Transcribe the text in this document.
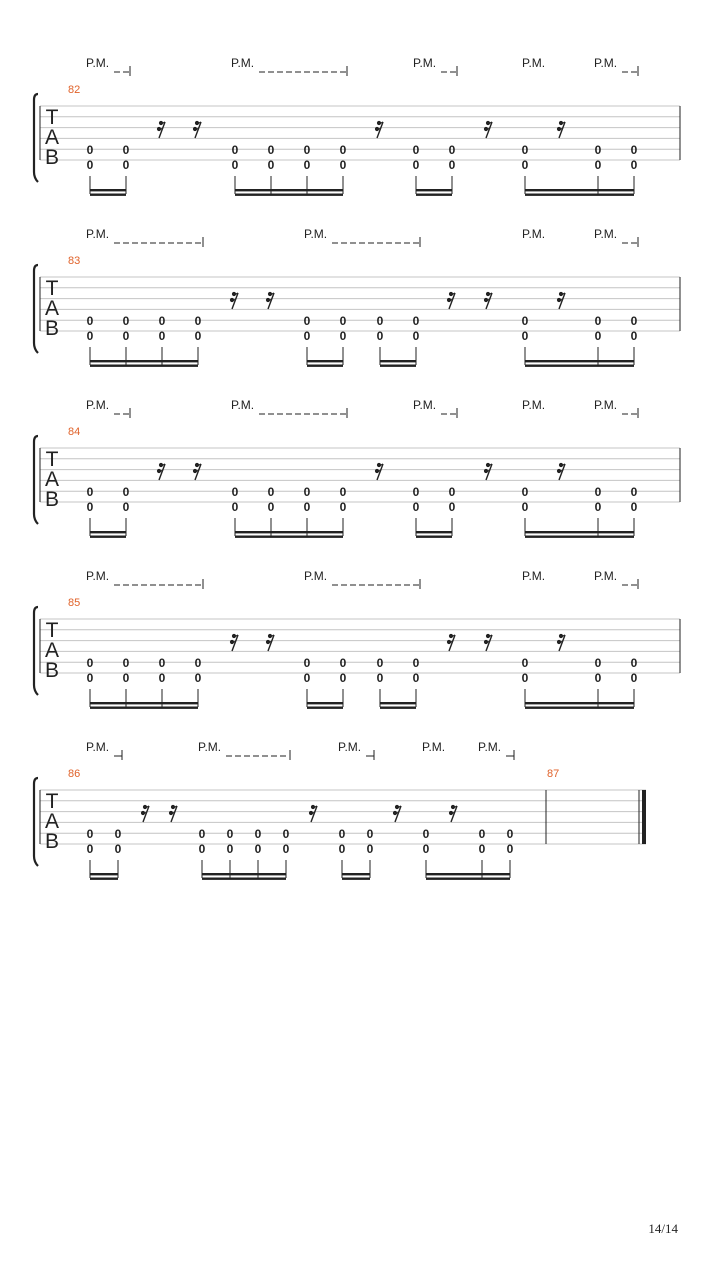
T
A
B
82
P.M.	P.M.	P.M.	P.M.	P.M.
0
0
0
0
0
0
0
0
0
0
0
0
0
0
0
0
0
0
0
0
0
0
T
A
B
83
P.M.	P.M.	P.M.	P.M.
0
0
0
0
0
0
0
0
0
0
0
0
0
0
0
0
0
0
0
0
0
0
T
A
B
84
P.M.	P.M.	P.M.	P.M.	P.M.
0
0
0
0
0
0
0
0
0
0
0
0
0
0
0
0
0
0
0
0
0
0
T
A
B
85
P.M.	P.M.	P.M.	P.M.
0
0
0
0
0
0
0
0
0
0
0
0
0
0
0
0
0
0
0
0
0
0
T
A
B
86	87
P.M.	P.M.	P.M.	P.M.	P.M.
0
0
0
0
0
0
0
0
0
0
0
0
0
0
0
0
0
0
0
0
0
0
14/14
